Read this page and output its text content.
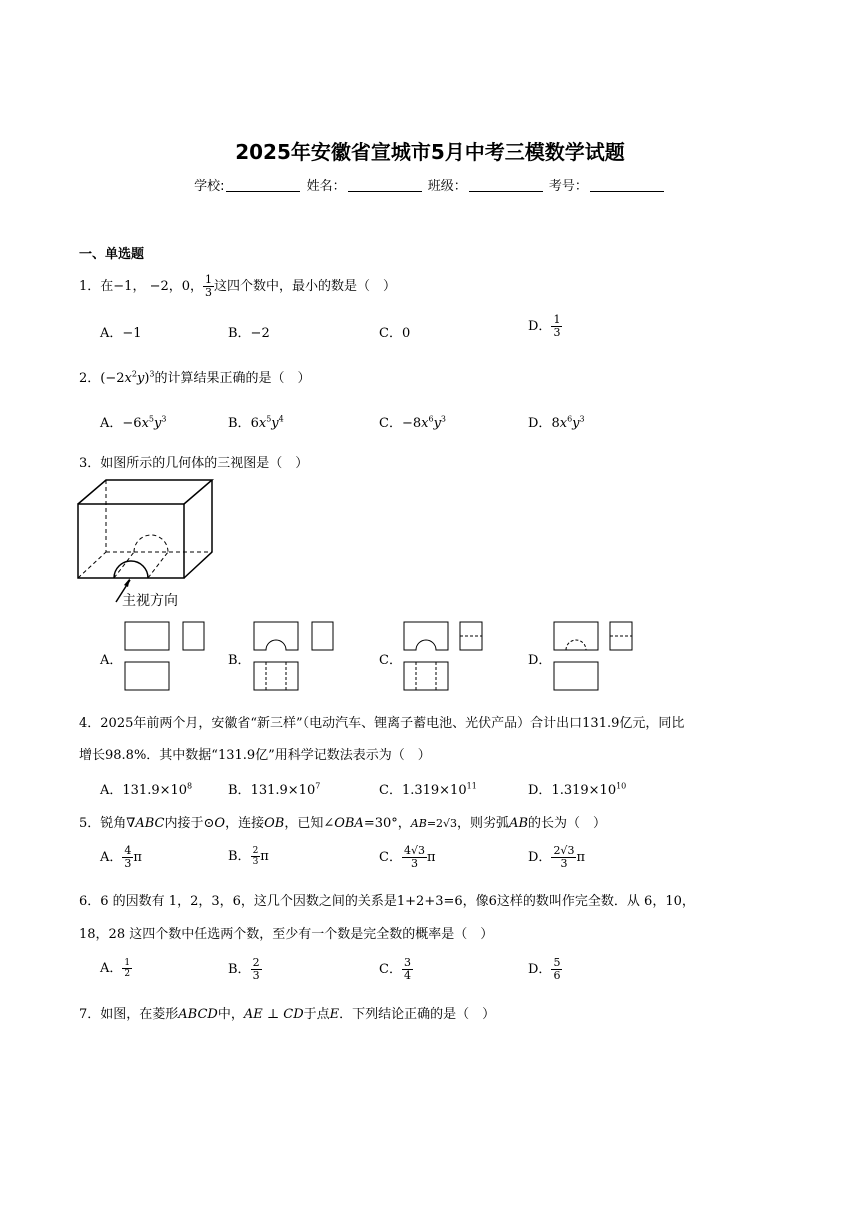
2025年安徽省宣城市5月中考三模数学试题
学校:	姓名：	班级：	考号：
一、单选题
1．在−1， −2，0， $\frac{1}{3}$ 这四个数中，最小的数是（　）
A．−1	B．−2	C．0	D． $\frac{1}{3}$
2．$(-2x^2y)^3$的计算结果正确的是（　）
A．$-6x^5y^3$	B．$6x^5y^4$	C．$-8x^6y^3$	D．$8x^6y^3$
3．如图所示的几何体的三视图是（　）
主视方向
A．	B．	C．	D．
4．2025年前两个月，安徽省“新三样”（电动汽车、锂离子蓄电池、光伏产品）合计出口131.9亿元，同比
增长98.8%．其中数据“131.9亿”用科学记数法表示为（　）
A．$131.9\times 10^8$	B．$131.9\times 10^7$	C．$1.319\times 10^{11}$	D．$1.319\times 10^{10}$
5．锐角∇ABC内接于⊙O，连接OB，已知∠OBA=30°，AB=2√3，则劣弧AB的长为（　）
A． $\frac{4}{3}$ π	B． $\frac{2}{3}$ π	C． $\frac{4√3}{3}$ π	D． $\frac{2√3}{3}$ π
6．6 的因数有 1，2，3，6，这几个因数之间的关系是1+2+3=6，像6这样的数叫作完全数．从 6，10，
18，28 这四个数中任选两个数，至少有一个数是完全数的概率是（　）
A． $\frac{1}{2}$	B． $\frac{2}{3}$	C． $\frac{3}{4}$	D． $\frac{5}{6}$
7．如图，在菱形ABCD中，AE ⊥ CD于点E．下列结论正确的是（　）
